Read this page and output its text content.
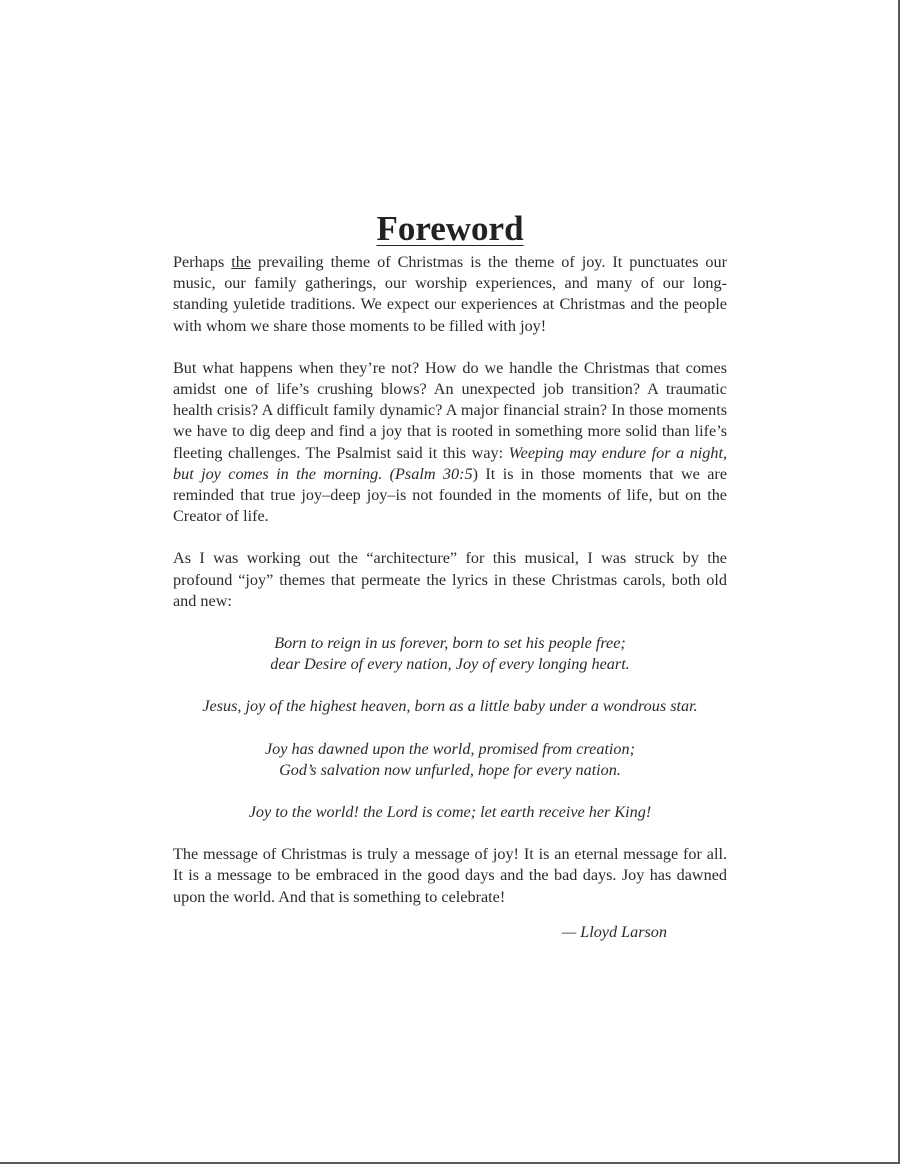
Foreword

Perhaps the prevailing theme of Christmas is the theme of joy. It punctuates our music, our family gatherings, our worship experiences, and many of our long-standing yuletide traditions. We expect our experiences at Christmas and the people with whom we share those moments to be filled with joy!

But what happens when they’re not? How do we handle the Christmas that comes amidst one of life’s crushing blows? An unexpected job transition? A traumatic health crisis? A difficult family dynamic? A major financial strain? In those moments we have to dig deep and find a joy that is rooted in something more solid than life’s fleeting challenges. The Psalmist said it this way: Weeping may endure for a night, but joy comes in the morning. (Psalm 30:5) It is in those moments that we are reminded that true joy–deep joy–is not founded in the moments of life, but on the Creator of life.

As I was working out the “architecture” for this musical, I was struck by the profound “joy” themes that permeate the lyrics in these Christmas carols, both old and new:

Born to reign in us forever, born to set his people free;
dear Desire of every nation, Joy of every longing heart.
Jesus, joy of the highest heaven, born as a little baby under a wondrous star.
Joy has dawned upon the world, promised from creation;
God’s salvation now unfurled, hope for every nation.
Joy to the world! the Lord is come; let earth receive her King!

The message of Christmas is truly a message of joy! It is an eternal message for all. It is a message to be embraced in the good days and the bad days. Joy has dawned upon the world. And that is something to celebrate!

— Lloyd Larson
